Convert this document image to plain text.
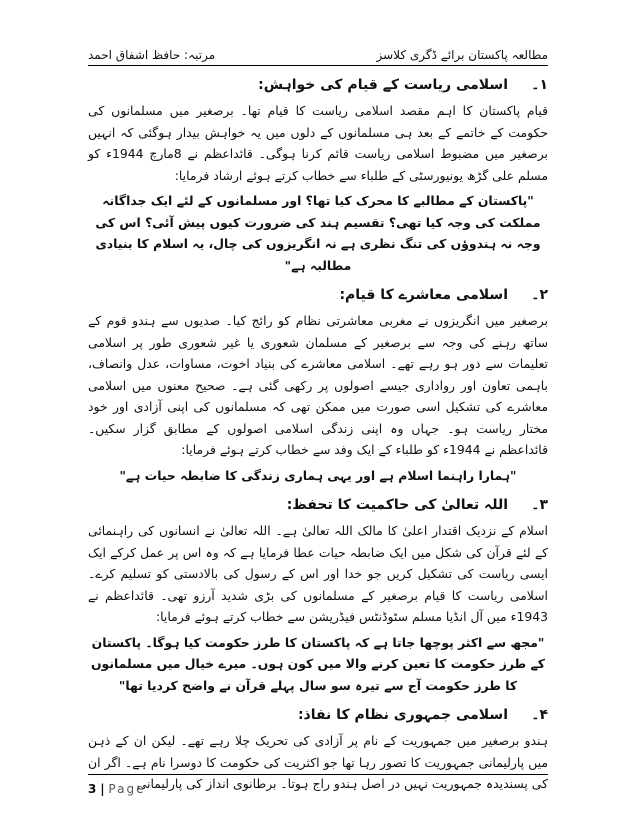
مرتبہ: حافظ اشفاق احمد	مطالعہ پاکستان برائے ڈگری کلاسز
۱۔اسلامی ریاست کے قیام کی خواہش:

قیام پاکستان کا اہم مقصد اسلامی ریاست کا قیام تھا۔ برصغیر میں مسلمانوں کی حکومت کے خاتمے کے بعد ہی مسلمانوں کے دلوں میں یہ خواہش بیدار ہوگئی کہ انہیں برصغیر میں مضبوط اسلامی ریاست قائم کرنا ہوگی۔ قائداعظم نے 8مارچ 1944ء کو مسلم علی گڑھ یونیورسٹی کے طلباء سے خطاب کرتے ہوئے ارشاد فرمایا:

"پاکستان کے مطالبے کا محرک کیا تھا؟ اور مسلمانوں کے لئے ایک جداگانہ مملکت کی وجہ کیا تھی؟ تقسیم ہند کی ضرورت کیوں پیش آئی؟ اس کی وجہ نہ ہندوؤں کی تنگ نظری ہے نہ انگریزوں کی چال، یہ اسلام کا بنیادی مطالبہ ہے"

۲۔اسلامی معاشرے کا قیام:

برصغیر میں انگریزوں نے مغربی معاشرتی نظام کو رائج کیا۔ صدیوں سے ہندو قوم کے ساتھ رہنے کی وجہ سے برصغیر کے مسلمان شعوری یا غیر شعوری طور پر اسلامی تعلیمات سے دور ہو رہے تھے۔ اسلامی معاشرے کی بنیاد اخوت، مساوات، عدل وانصاف، باہمی تعاون اور رواداری جیسے اصولوں پر رکھی گئی ہے۔ صحیح معنوں میں اسلامی معاشرے کی تشکیل اسی صورت میں ممکن تھی کہ مسلمانوں کی اپنی آزادی اور خود مختار ریاست ہو۔ جہاں وہ اپنی زندگی اسلامی اصولوں کے مطابق گزار سکیں۔ قائداعظم نے 1944ء کو طلباء کے ایک وفد سے خطاب کرتے ہوئے فرمایا:

"ہمارا راہنما اسلام ہے اور یہی ہماری زندگی کا ضابطہ حیات ہے"

۳۔اللہ تعالیٰ کی حاکمیت کا تحفظ:

اسلام کے نزدیک اقتدار اعلیٰ کا مالک اللہ تعالیٰ ہے۔ اللہ تعالیٰ نے انسانوں کی راہنمائی کے لئے قرآن کی شکل میں ایک ضابطہ حیات عطا فرمایا ہے کہ وہ اس پر عمل کرکے ایک ایسی ریاست کی تشکیل کریں جو خدا اور اس کے رسول کی بالادستی کو تسلیم کرے۔ اسلامی ریاست کا قیام برصغیر کے مسلمانوں کی بڑی شدید آرزو تھی۔ قائداعظم نے 1943ء میں آل انڈیا مسلم سٹوڈنٹس فیڈریشن سے خطاب کرتے ہوئے فرمایا:

"مجھ سے اکثر پوچھا جاتا ہے کہ پاکستان کا طرز حکومت کیا ہوگا۔ پاکستان کے طرز حکومت کا تعین کرنے والا میں کون ہوں۔ میرے خیال میں مسلمانوں کا طرز حکومت آج سے تیرہ سو سال پہلے قرآن نے واضح کردیا تھا"

۴۔اسلامی جمہوری نظام کا نفاذ:

ہندو برصغیر میں جمہوریت کے نام پر آزادی کی تحریک چلا رہے تھے۔ لیکن ان کے ذہن میں پارلیمانی جمہوریت کا تصور رہا تھا جو اکثریت کی حکومت کا دوسرا نام ہے۔ اگر ان کی پسندیدہ جمہوریت نہیں در اصل ہندو راج ہوتا۔ برطانوی انداز کی پارلیمانی

3 | Page
